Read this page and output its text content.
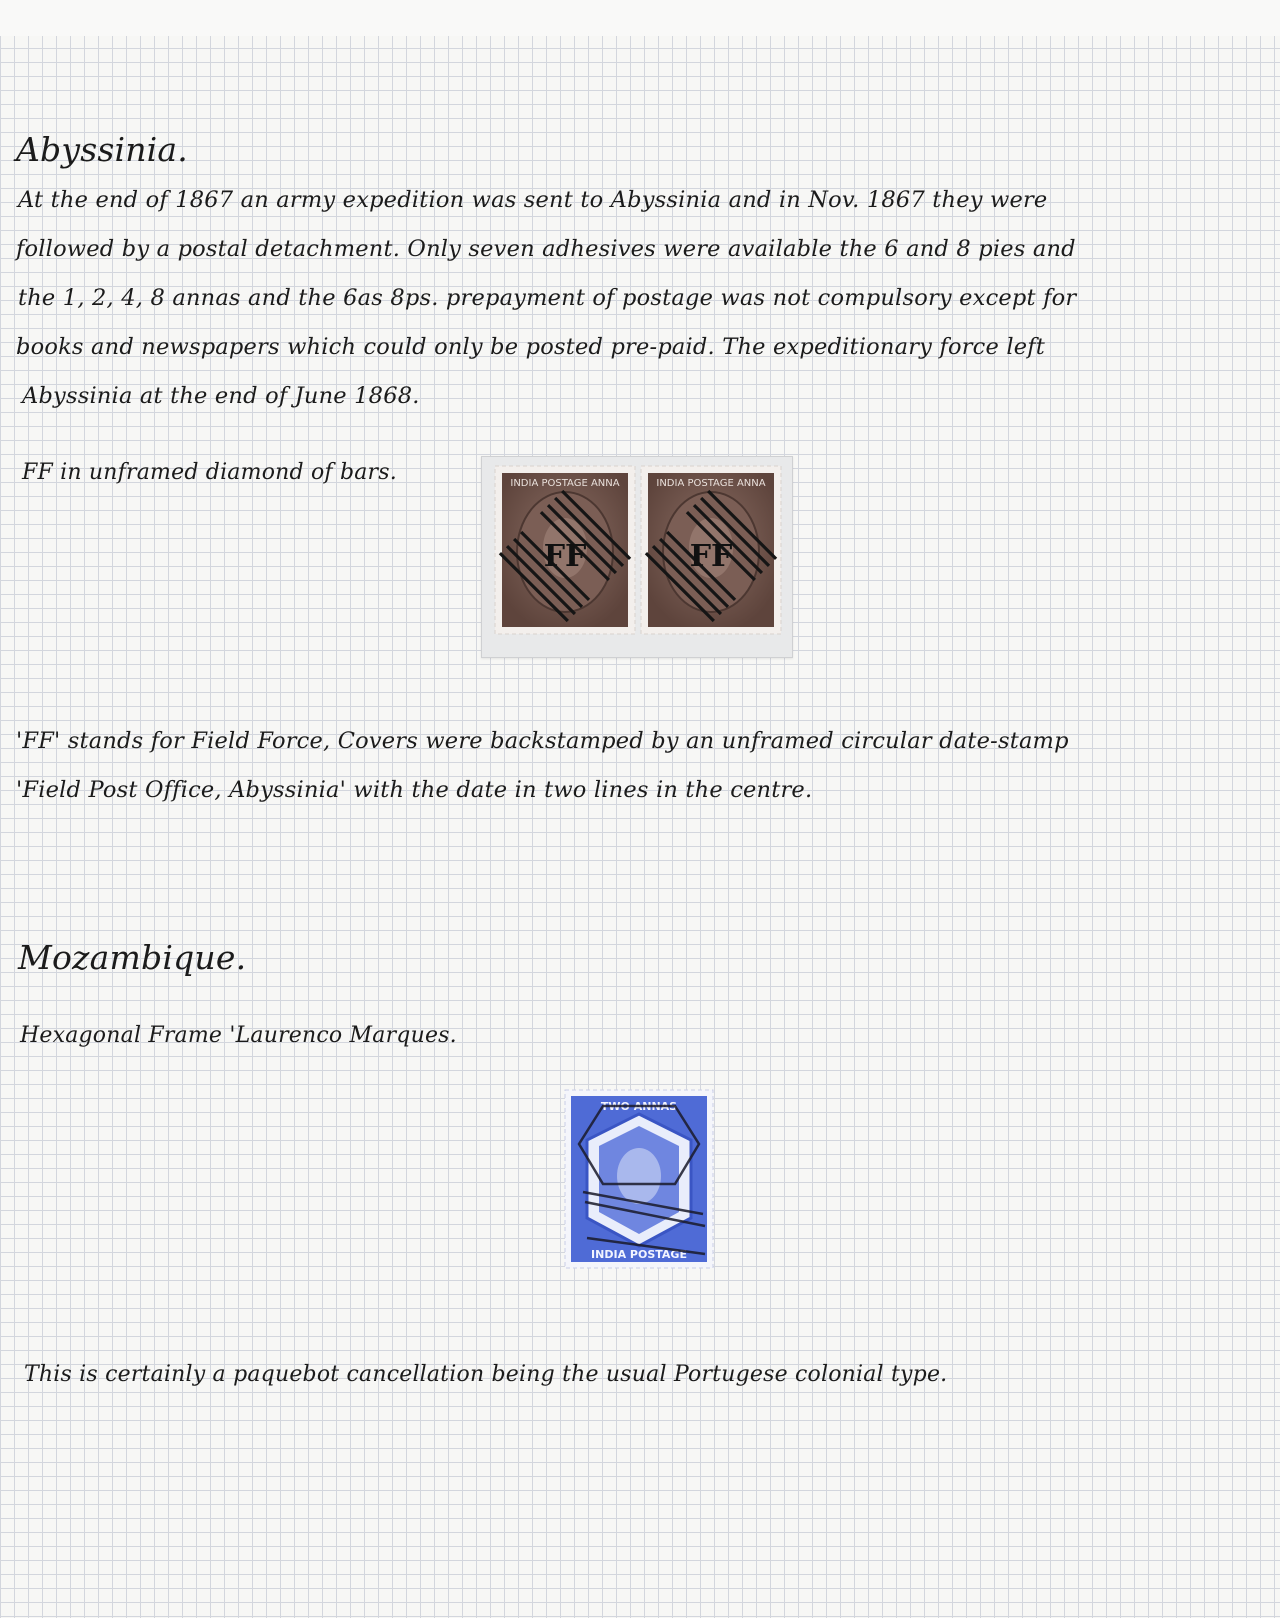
Abyssinia.
At the end of 1867 an army expedition was sent to Abyssinia and in Nov. 1867 they were
followed by a postal detachment. Only seven adhesives were available the 6 and 8 pies and
the 1, 2, 4, 8 annas and the 6as 8ps. prepayment of postage was not compulsory except for
books and newspapers which could only be posted pre-paid. The expeditionary force left
Abyssinia at the end of June 1868.
FF in unframed diamond of bars.	INDIA POSTAGE ANNA
FF
INDIA POSTAGE ANNA
FF
'FF' stands for Field Force, Covers were backstamped by an unframed circular date-stamp
'Field Post Office, Abyssinia' with the date in two lines in the centre.
Mozambique.
Hexagonal Frame 'Laurenco Marques.
TWO ANNAS
INDIA POSTAGE
This is certainly a paquebot cancellation being the usual Portugese colonial type.
